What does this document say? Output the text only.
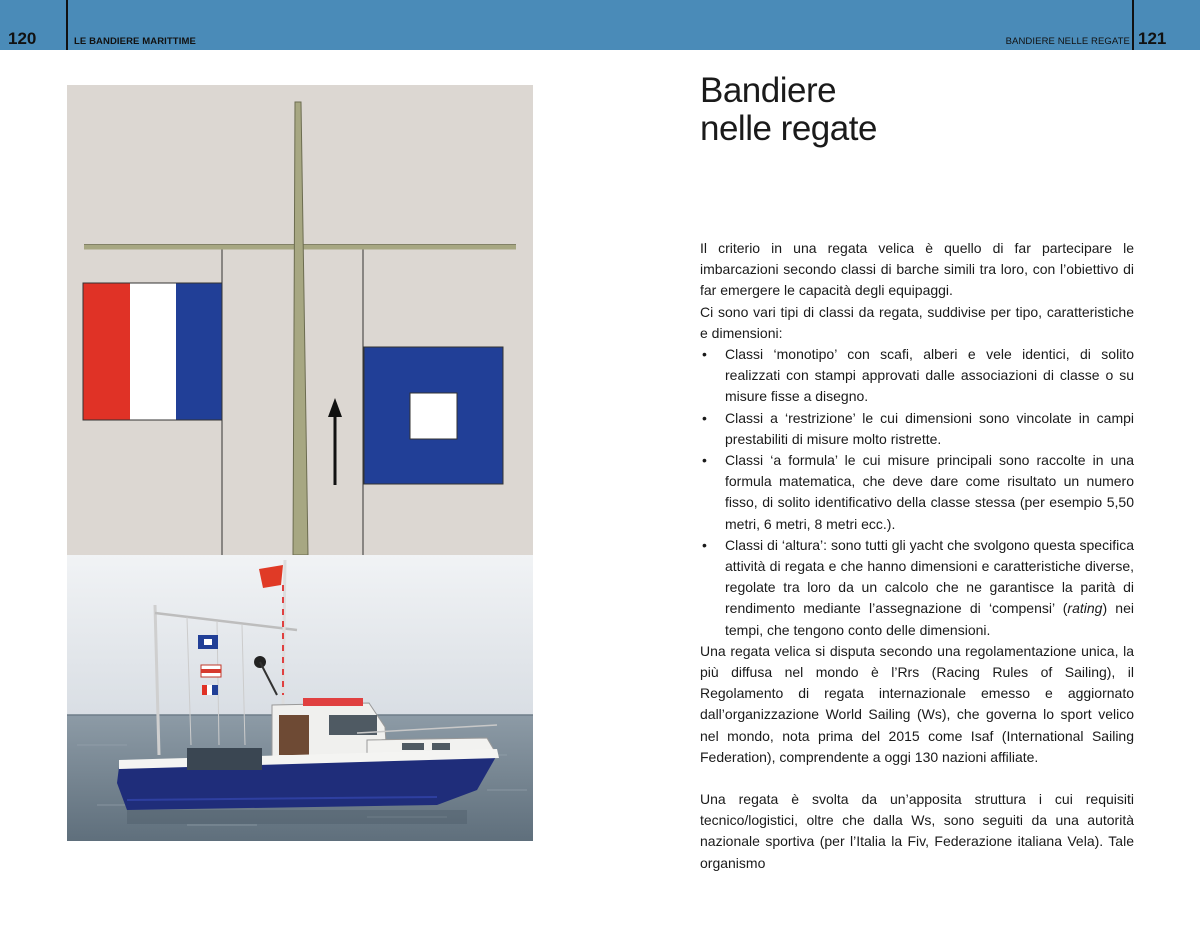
120	LE BANDIERE MARITTIME	BANDIERE NELLE REGATE 121
Bandiere
nelle regate

Il criterio in una regata velica è quello di far partecipare le imbarcazioni secondo classi di barche simili tra loro, con l’obiettivo di far emergere le capacità degli equipaggi.

Ci sono vari tipi di classi da regata, suddivise per tipo, caratteristiche e dimensioni:

• Classi ‘monotipo’ con scafi, alberi e vele identici, di solito realizzati con stampi approvati dalle associazioni di classe o su misure fisse a disegno.
• Classi a ‘restrizione’ le cui dimensioni sono vincolate in campi prestabiliti di misure molto ristrette.
• Classi ‘a formula’ le cui misure principali sono raccolte in una formula matematica, che deve dare come risultato un numero fisso, di solito identificativo della classe stessa (per esempio 5,50 metri, 6 metri, 8 metri ecc.).
• Classi di ‘altura’: sono tutti gli yacht che svolgono questa specifica attività di regata e che hanno dimensioni e caratteristiche diverse, regolate tra loro da un calcolo che ne garantisce la parità di rendimento mediante l’assegnazione di ‘compensi’ (rating) nei tempi, che tengono conto delle dimensioni.

Una regata velica si disputa secondo una regolamentazione unica, la più diffusa nel mondo è l’Rrs (Racing Rules of Sailing), il Regolamento di regata internazionale emesso e aggiornato dall’organizzazione World Sailing (Ws), che governa lo sport velico nel mondo, nota prima del 2015 come Isaf (International Sailing Federation), comprendente a oggi 130 nazioni affiliate.

Una regata è svolta da un’apposita struttura i cui requisiti tecnico/logistici, oltre che dalla Ws, sono seguiti da una autorità nazionale sportiva (per l’Italia la Fiv, Federazione italiana Vela). Tale organismo
